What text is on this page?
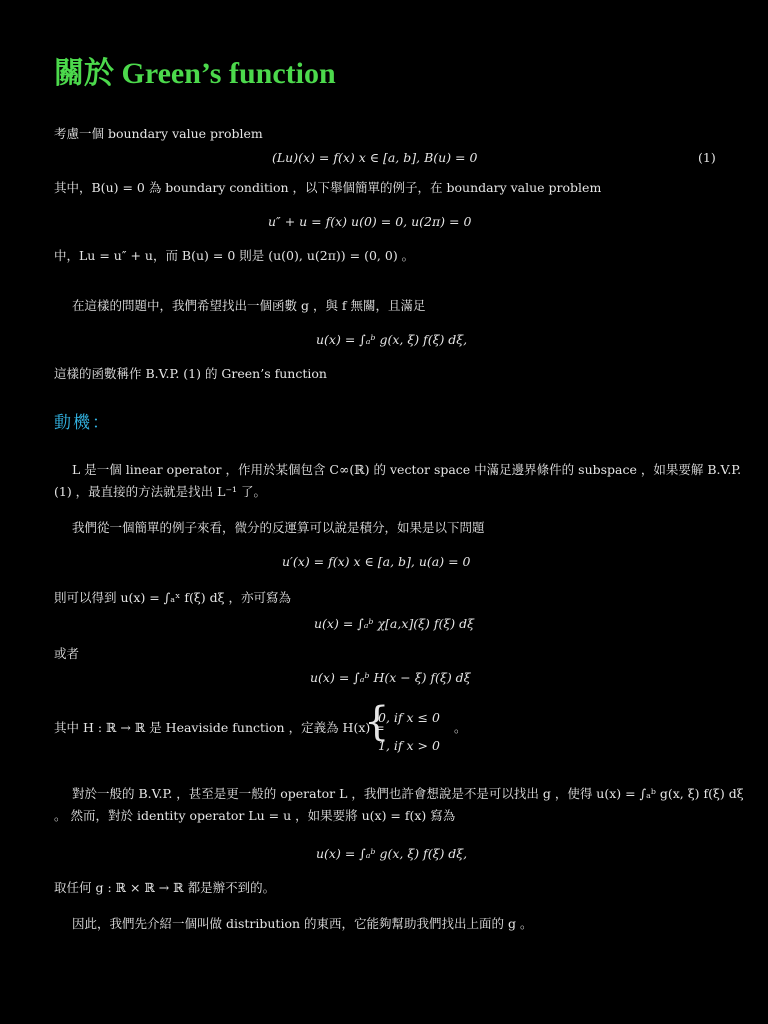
關於 Green’s function
考慮一個 boundary value problem
(Lu)(x) = f(x) x ∈ [a, b], B(u) = 0	(1)
其中，B(u) = 0 為 boundary condition ，以下舉個簡單的例子，在 boundary value problem
u″ + u = f(x) u(0) = 0, u(2π) = 0
中，Lu = u″ + u，而 B(u) = 0 則是 (u(0), u(2π)) = (0, 0) 。
在這樣的問題中，我們希望找出一個函數 g ，與 f 無關，且滿足
u(x) = ∫ₐᵇ g(x, ξ) f(ξ) dξ,
這樣的函數稱作 B.V.P. (1) 的 Green’s function
動機：
L 是一個 linear operator ，作用於某個包含 C∞(ℝ) 的 vector space 中滿足邊界條件的 subspace ，如果要解 B.V.P.
(1) ，最直接的方法就是找出 L⁻¹ 了。
我們從一個簡單的例子來看，微分的反運算可以說是積分，如果是以下問題
u′(x) = f(x) x ∈ [a, b], u(a) = 0
則可以得到 u(x) = ∫ₐˣ f(ξ) dξ ，亦可寫為
u(x) = ∫ₐᵇ χ[a,x](ξ) f(ξ) dξ
或者
u(x) = ∫ₐᵇ H(x − ξ) f(ξ) dξ
其中 H : ℝ → ℝ 是 Heaviside function ，定義為 H(x) =
{
0, if x ≤ 0
1, if x > 0
。
對於一般的 B.V.P. ，甚至是更一般的 operator L ，我們也許會想說是不是可以找出 g ，使得 u(x) = ∫ₐᵇ g(x, ξ) f(ξ) dξ
。 然而，對於 identity operator Lu = u ，如果要將 u(x) = f(x) 寫為
u(x) = ∫ₐᵇ g(x, ξ) f(ξ) dξ,
取任何 g : ℝ × ℝ → ℝ 都是辦不到的。
因此，我們先介紹一個叫做 distribution 的東西，它能夠幫助我們找出上面的 g 。
